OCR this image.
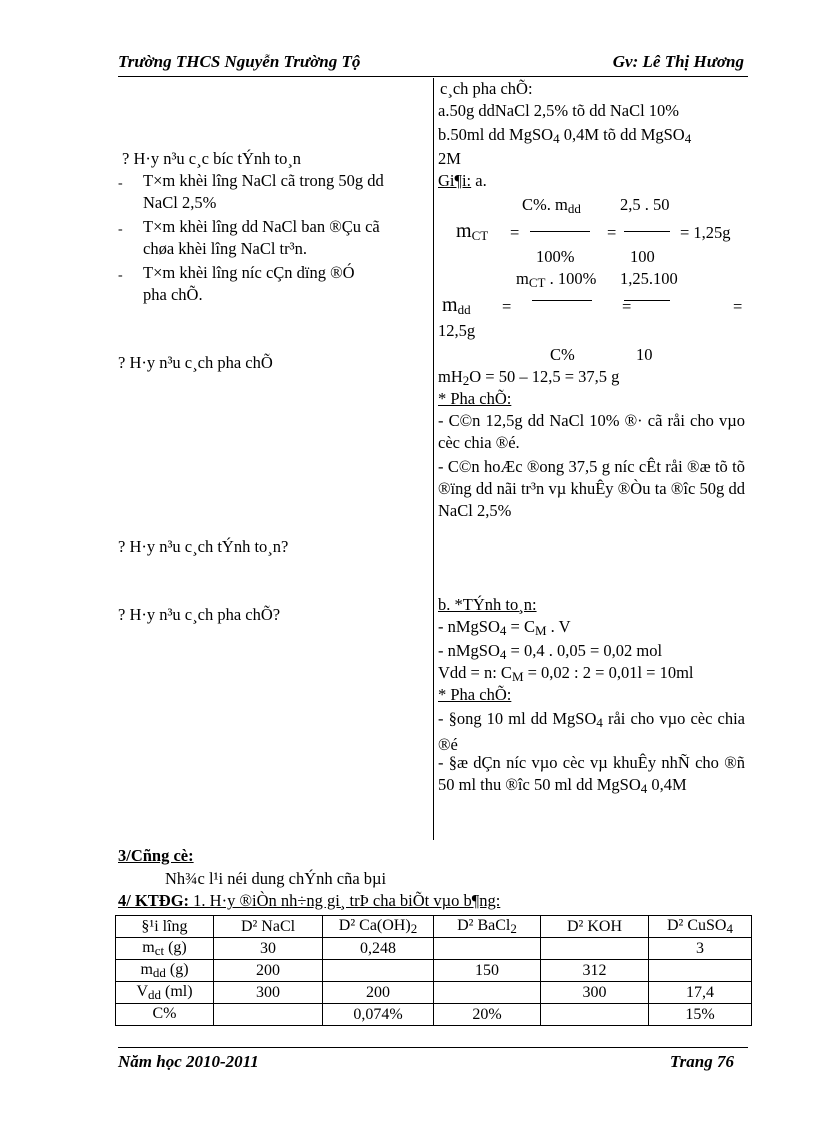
Trường THCS Nguyễn Trường Tộ	Gv: Lê Thị Hương
? H·y n³u c¸c bíc tÝnh to¸n
- T×m khèi lîng NaCl cã trong 50g dd
NaCl 2,5%
- T×m khèi lîng dd NaCl ban ®Çu cã
chøa khèi lîng NaCl tr³n.
- T×m khèi lîng níc cÇn dïng ®Ó
pha chÕ.
? H·y n³u c¸ch pha chÕ
? H·y n³u c¸ch tÝnh to¸n?
? H·y n³u c¸ch pha chÕ?
c¸ch pha chÕ:
a.50g ddNaCl 2,5% tõ dd NaCl 10%
b.50ml dd MgSO4 0,4M tõ dd MgSO4
2M
Gi¶i: a.
C%. mdd 2,5 . 50
mCT =	=	= 1,25g
100%	100
mCT . 100% 1,25.100
mdd =	=	=
12,5g
C%	10
mH2O = 50 – 12,5 = 37,5 g
* Pha chÕ:
- C©n 12,5g dd NaCl 10% ®· cã råi cho vµo cèc chia ®é.
- C©n hoÆc ®ong 37,5 g níc cÊt råi ®æ tõ tõ ®ïng dd nãi tr³n vµ khuÊy ®Òu ta ®îc 50g dd NaCl 2,5%
b. *TÝnh to¸n:
- nMgSO4 = CM . V
- nMgSO4 = 0,4 . 0,05 = 0,02 mol
Vdd = n: CM = 0,02 : 2 = 0,01l = 10ml
* Pha chÕ:
- §ong 10 ml dd MgSO4 råi cho vµo cèc chia ®é
- §æ dÇn níc vµo cèc vµ khuÊy nhÑ cho ®ñ 50 ml thu ®îc 50 ml dd MgSO4 0,4M
3/Cñng cè:
Nh¾c l¹i néi dung chÝnh cña bµi
4/ KTĐG: 1. H·y ®iÒn nh÷ng gi¸ trÞ cha biÕt vµo b¶ng:
§¹i lîng	D² NaCl	D² Ca(OH)2	D² BaCl2	D² KOH	D² CuSO4
mct (g)	30	0,248			3
mdd (g)	200		150	312	
Vdd (ml)	300	200		300	17,4
C%		0,074%	20%		15%
Năm học 2010-2011	Trang 76
